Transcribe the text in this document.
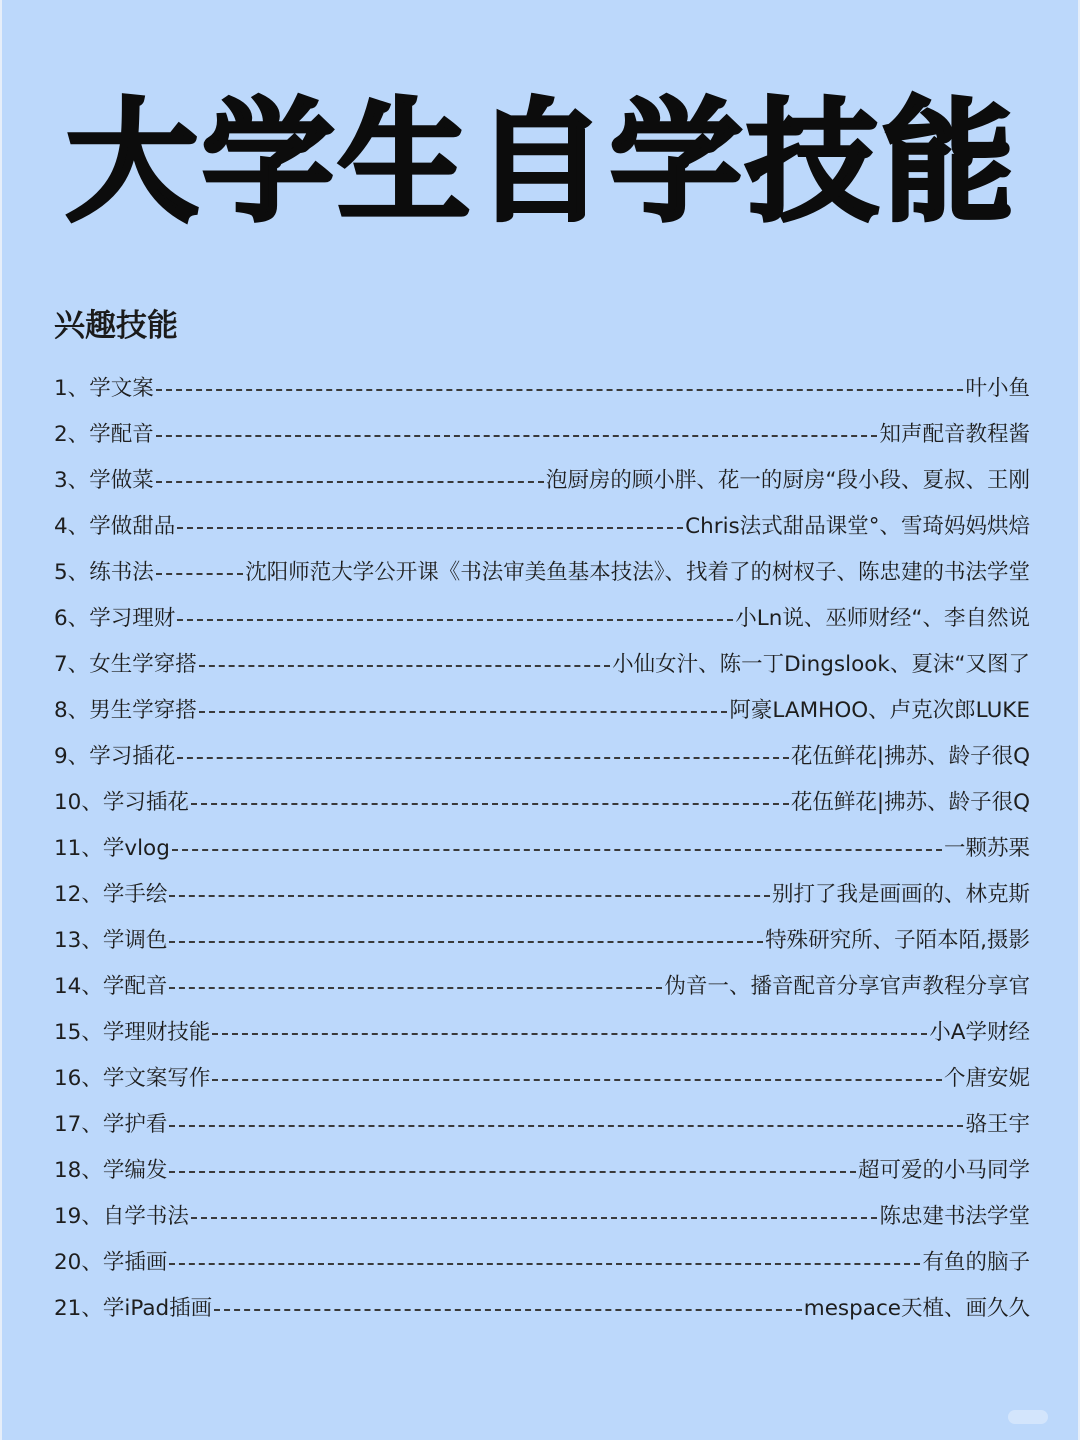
大学生自学技能
兴趣技能
1、 学文案	叶小鱼
2、 学配音	知声配音教程酱
3、 学做菜	泡厨房的顾小胖、花一的厨房“段小段、夏叔、王刚
4、 学做甜品	Chris法式甜品课堂°、雪琦妈妈烘焙
5、 练书法	沈阳师范大学公开课《书法审美鱼基本技法》、找着了的树杈子、陈忠建的书法学堂
6、 学习理财	小Ln说、巫师财经“、李自然说
7、 女生学穿搭	小仙女汁、陈一丁Dingslook、夏沫“又图了
8、 男生学穿搭	阿豪LAMHOO、卢克次郎LUKE
9、 学习插花	花伍鲜花|拂苏、龄子很Q
10、 学习插花	花伍鲜花|拂苏、龄子很Q
11、 学vlog	一颗苏栗
12、 学手绘	别打了我是画画的、林克斯
13、 学调色	特殊研究所、子陌本陌,摄影
14、 学配音	伪音一、播音配音分享官声教程分享官
15、 学理财技能	小A学财经
16、 学文案写作	个唐安妮
17、 学护看	骆王宇
18、 学编发	超可爱的小马同学
19、 自学书法	陈忠建书法学堂
20、 学插画	有鱼的脑子
21、 学iPad插画	mespace天植、画久久
